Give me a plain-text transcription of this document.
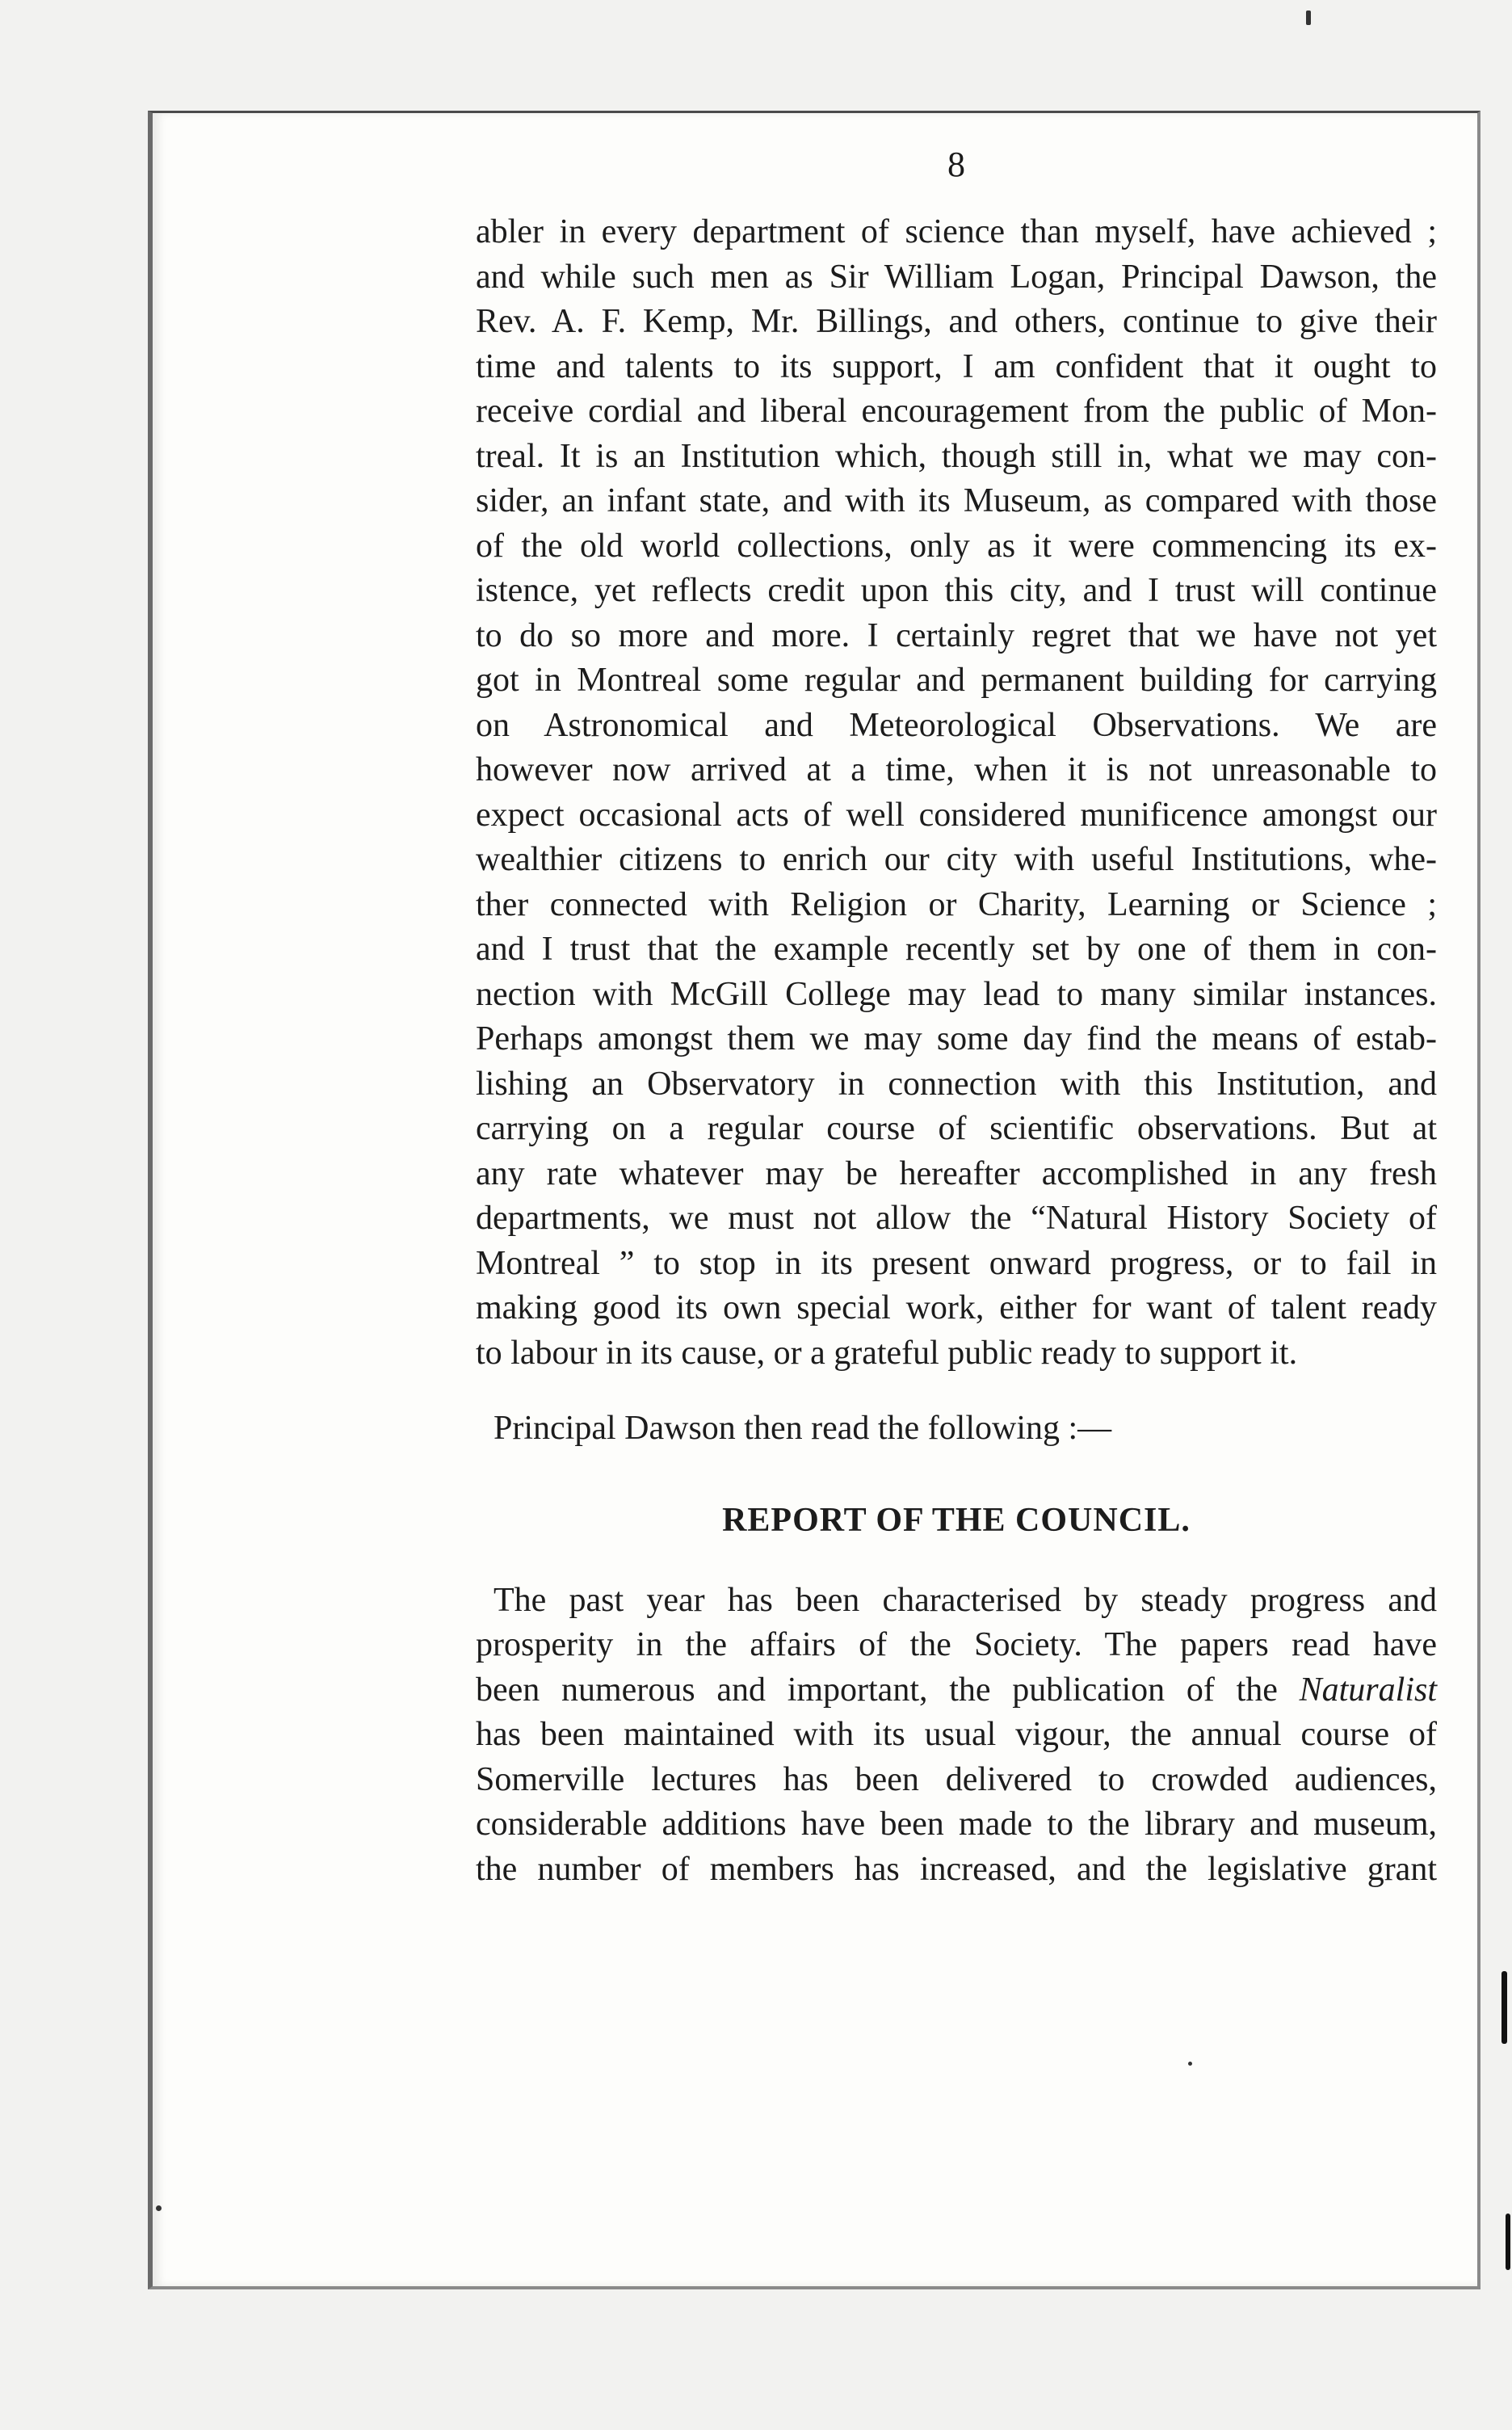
8
abler in every department of science than myself, have achieved ;
and while such men as Sir William Logan, Principal Dawson, the
Rev. A. F. Kemp, Mr. Billings, and others, continue to give their
time and talents to its support, I am confident that it ought to
receive cordial and liberal encouragement from the public of Mon-
treal. It is an Institution which, though still in, what we may con-
sider, an infant state, and with its Museum, as compared with those
of the old world collections, only as it were commencing its ex-
istence, yet reflects credit upon this city, and I trust will continue
to do so more and more. I certainly regret that we have not yet
got in Montreal some regular and permanent building for carrying
on Astronomical and Meteorological Observations. We are
however now arrived at a time, when it is not unreasonable to
expect occasional acts of well considered munificence amongst our
wealthier citizens to enrich our city with useful Institutions, whe-
ther connected with Religion or Charity, Learning or Science ;
and I trust that the example recently set by one of them in con-
nection with McGill College may lead to many similar instances.
Perhaps amongst them we may some day find the means of estab-
lishing an Observatory in connection with this Institution, and
carrying on a regular course of scientific observations. But at
any rate whatever may be hereafter accomplished in any fresh
departments, we must not allow the “Natural History Society of
Montreal ” to stop in its present onward progress, or to fail in
making good its own special work, either for want of talent ready
to labour in its cause, or a grateful public ready to support it.
Principal Dawson then read the following :—
REPORT OF THE COUNCIL.
The past year has been characterised by steady progress and
prosperity in the affairs of the Society. The papers read have
been numerous and important, the publication of the Naturalist
has been maintained with its usual vigour, the annual course of
Somerville lectures has been delivered to crowded audiences,
considerable additions have been made to the library and museum,
the number of members has increased, and the legislative grant
